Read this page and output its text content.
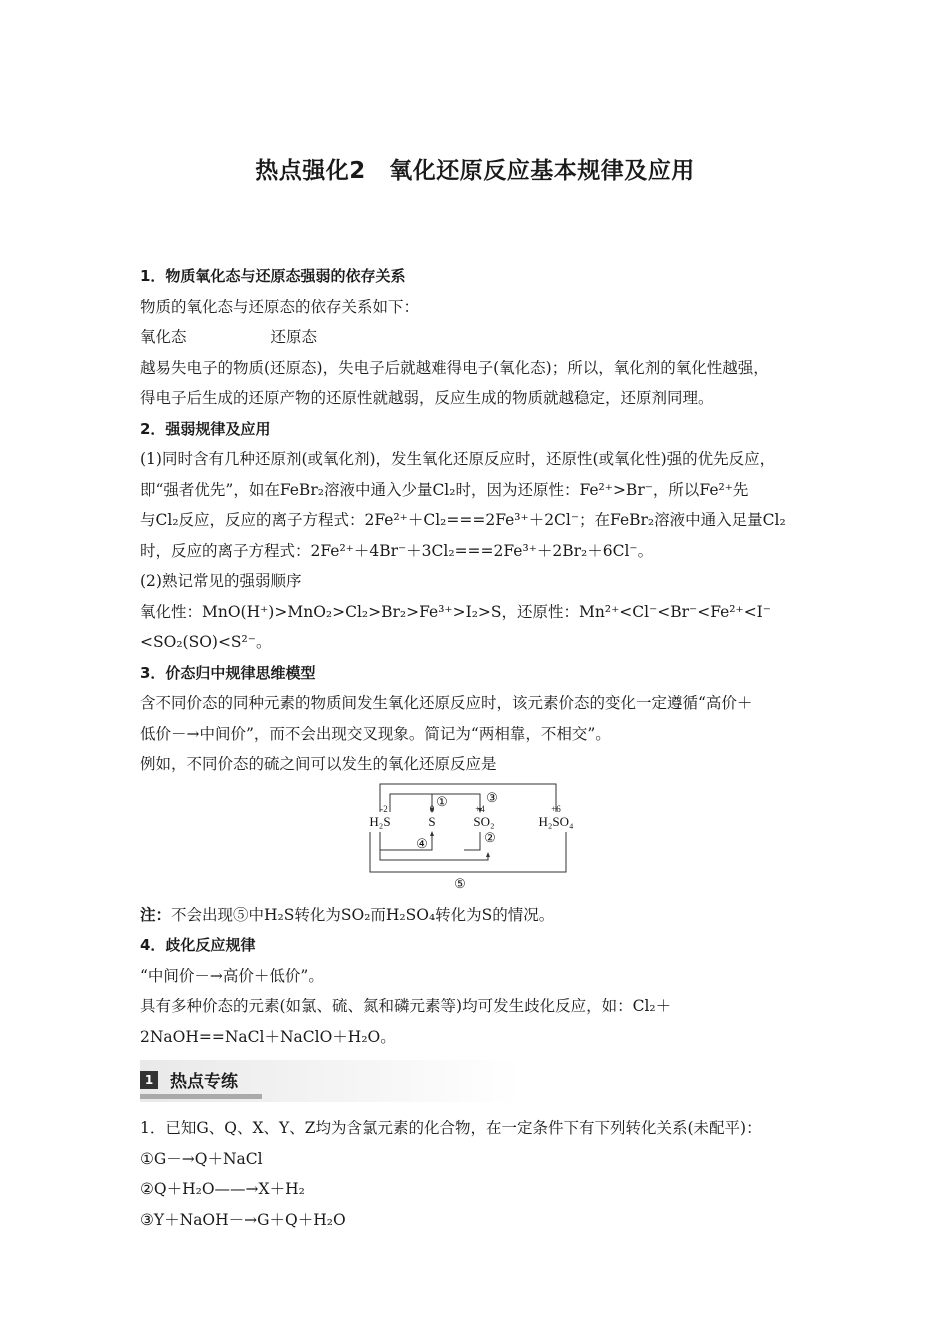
热点强化2　氧化还原反应基本规律及应用
1．物质氧化态与还原态强弱的依存关系
物质的氧化态与还原态的依存关系如下：
氧化态	还原态
越易失电子的物质(还原态)，失电子后就越难得电子(氧化态)；所以，氧化剂的氧化性越强，
得电子后生成的还原产物的还原性就越弱，反应生成的物质就越稳定，还原剂同理。
2．强弱规律及应用
(1)同时含有几种还原剂(或氧化剂)，发生氧化还原反应时，还原性(或氧化性)强的优先反应，
即“强者优先”，如在FeBr₂溶液中通入少量Cl₂时，因为还原性：Fe²⁺>Br⁻，所以Fe²⁺先
与Cl₂反应，反应的离子方程式：2Fe²⁺＋Cl₂===2Fe³⁺＋2Cl⁻；在FeBr₂溶液中通入足量Cl₂
时，反应的离子方程式：2Fe²⁺＋4Br⁻＋3Cl₂===2Fe³⁺＋2Br₂＋6Cl⁻。
(2)熟记常见的强弱顺序
氧化性：MnO(H⁺)>MnO₂>Cl₂>Br₂>Fe³⁺>I₂>S，还原性：Mn²⁺<Cl⁻<Br⁻<Fe²⁺<I⁻
<SO₂(SO)<S²⁻。
3．价态归中规律思维模型
含不同价态的同种元素的物质间发生氧化还原反应时，该元素价态的变化一定遵循“高价＋
低价－→中间价”，而不会出现交叉现象。简记为“两相靠，不相交”。
例如，不同价态的硫之间可以发生的氧化还原反应是
-2	0	+4	+6
H₂S	S	SO₂	H₂SO₄
①
②
③
④
⑤
注：不会出现⑤中H₂S转化为SO₂而H₂SO₄转化为S的情况。
4．歧化反应规律
“中间价－→高价＋低价”。
具有多种价态的元素(如氯、硫、氮和磷元素等)均可发生歧化反应，如：Cl₂＋
2NaOH==NaCl＋NaClO＋H₂O。
1 热点专练
1．已知G、Q、X、Y、Z均为含氯元素的化合物，在一定条件下有下列转化关系(未配平)：
①G－→Q＋NaCl
②Q＋H₂O——→X＋H₂
③Y＋NaOH－→G＋Q＋H₂O
